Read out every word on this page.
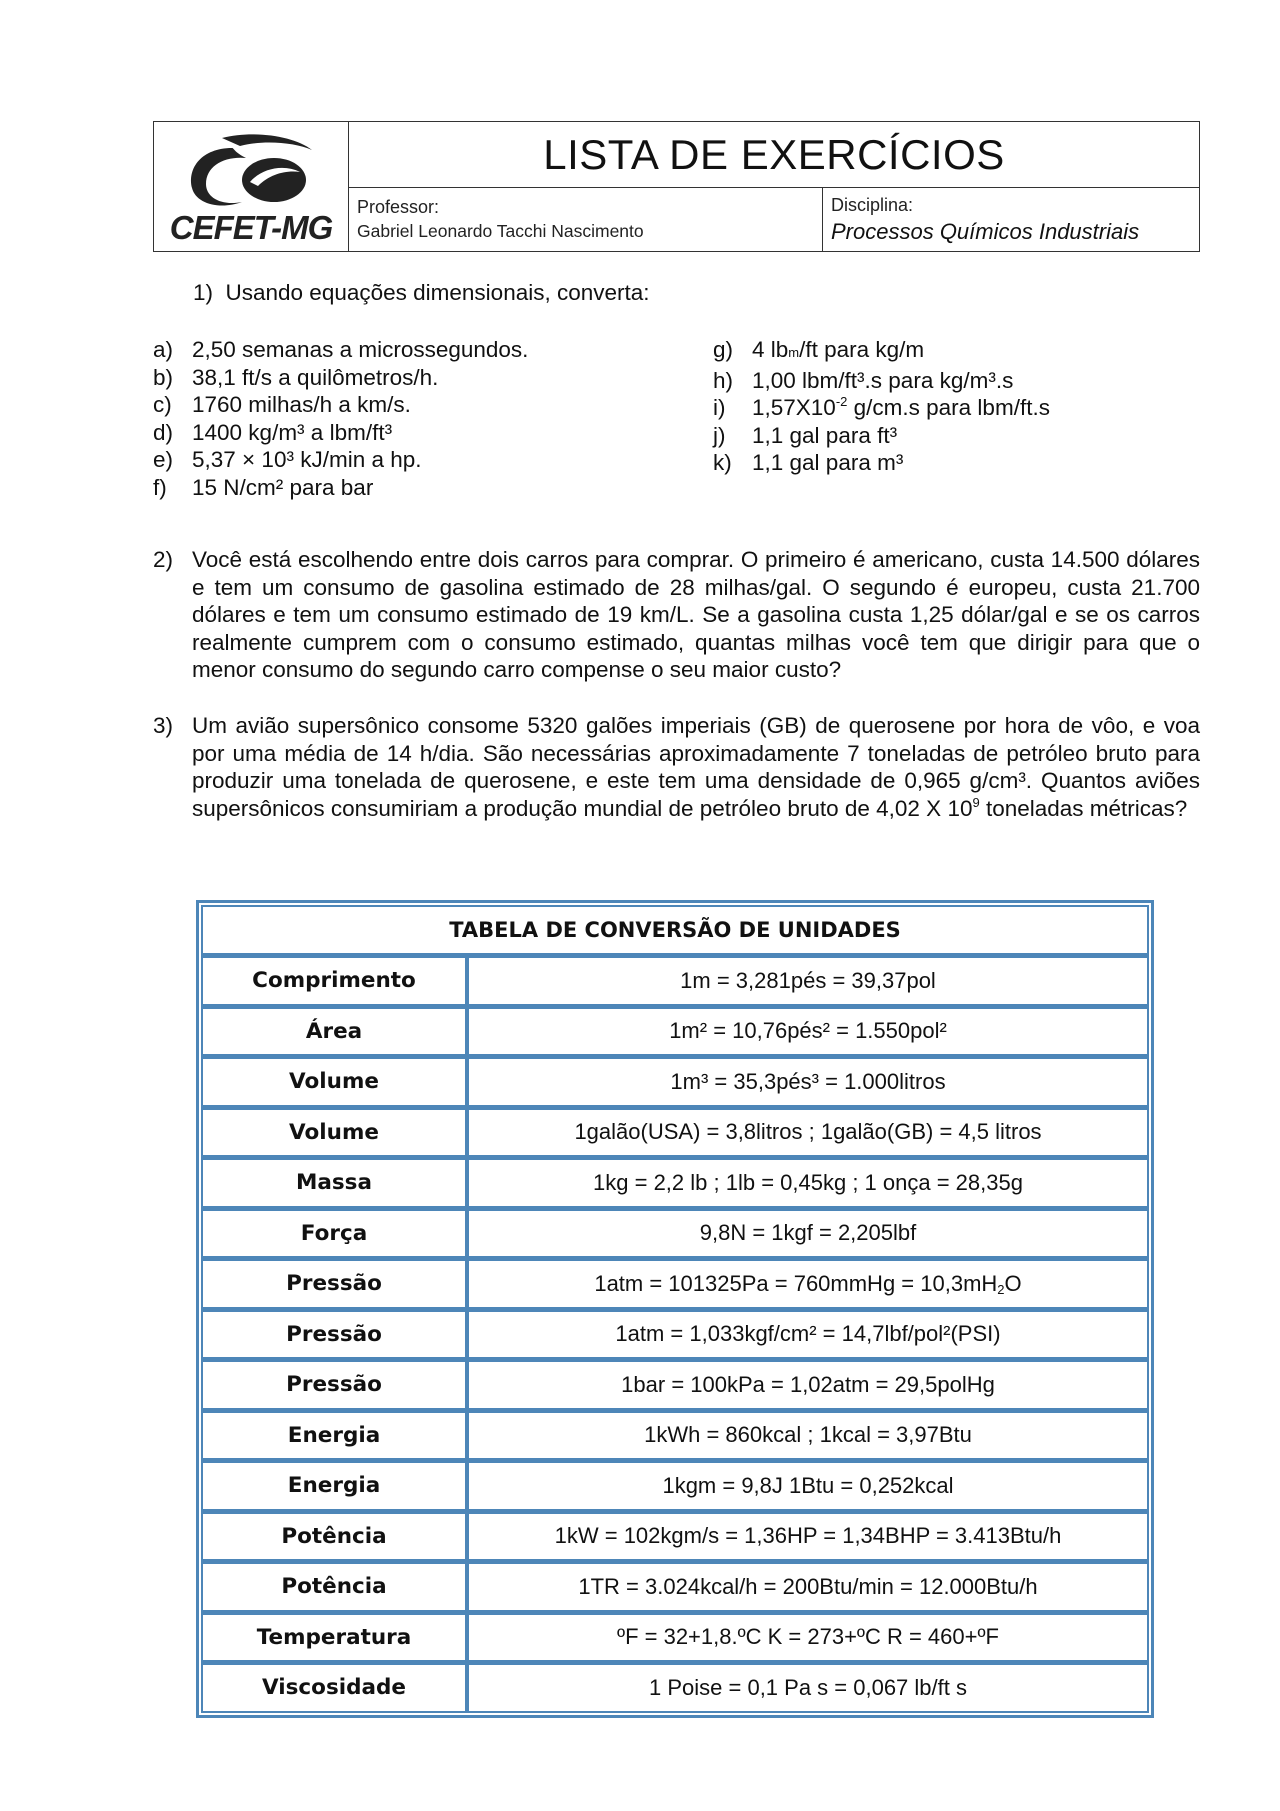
CEFET-MG
LISTA DE EXERCÍCIOS
Professor:
Gabriel Leonardo Tacchi Nascimento
Disciplina:
Processos Químicos Industriais
1)  Usando equações dimensionais, converta:
a) 2,50 semanas a microssegundos.
b) 38,1 ft/s a quilômetros/h.
c) 1760 milhas/h a km/s.
d) 1400 kg/m³ a lbm/ft³
e) 5,37 × 10³ kJ/min a hp.
f)	15 N/cm² para bar
g) 4 lbm/ft para kg/m
h) 1,00 lbm/ft³.s para kg/m³.s
i)	$1,57X10^{-2}$ g/cm.s para lbm/ft.s
j)	1,1 gal para ft³
k) 1,1 gal para m³
2) Você está escolhendo entre dois carros para comprar. O primeiro é americano, custa 14.500 dólares e tem um consumo de gasolina estimado de 28 milhas/gal. O segundo é europeu, custa 21.700 dólares e tem um consumo estimado de 19 km/L. Se a gasolina custa 1,25 dólar/gal e se os carros realmente cumprem com o consumo estimado, quantas milhas você tem que dirigir para que o menor consumo do segundo carro compense o seu maior custo?
3) Um avião supersônico consome 5320 galões imperiais (GB) de querosene por hora de vôo, e voa por uma média de 14 h/dia. São necessárias aproximadamente 7 toneladas de petróleo bruto para produzir uma tonelada de querosene, e este tem uma densidade de 0,965 g/cm³. Quantos aviões supersônicos consumiriam a produção mundial de petróleo bruto de 4,02 X $10^9$ toneladas métricas?
TABELA DE CONVERSÃO DE UNIDADES	
Comprimento	1m = 3,281pés = 39,37pol
Área	1m² = 10,76pés² = 1.550pol²
Volume	1m³ = 35,3pés³ = 1.000litros
Volume	1galão(USA) = 3,8litros ; 1galão(GB) = 4,5 litros
Massa	1kg = 2,2 lb ; 1lb = 0,45kg ; 1 onça = 28,35g
Força	9,8N = 1kgf = 2,205lbf
Pressão	1atm = 101325Pa = 760mmHg = $10,3mH_2O$
Pressão	1atm = 1,033kgf/cm² = 14,7lbf/pol²(PSI)
Pressão	1bar = 100kPa = 1,02atm = 29,5polHg
Energia	1kWh = 860kcal ; 1kcal = 3,97Btu
Energia	1kgm = 9,8J 1Btu = 0,252kcal
Potência	1kW = 102kgm/s = 1,36HP = 1,34BHP = 3.413Btu/h
Potência	1TR = 3.024kcal/h = 200Btu/min = 12.000Btu/h
Temperatura	ºF = 32+1,8.ºC K = 273+ºC R = 460+ºF
Viscosidade	1 Poise = 0,1 Pa s = 0,067 lb/ft s
